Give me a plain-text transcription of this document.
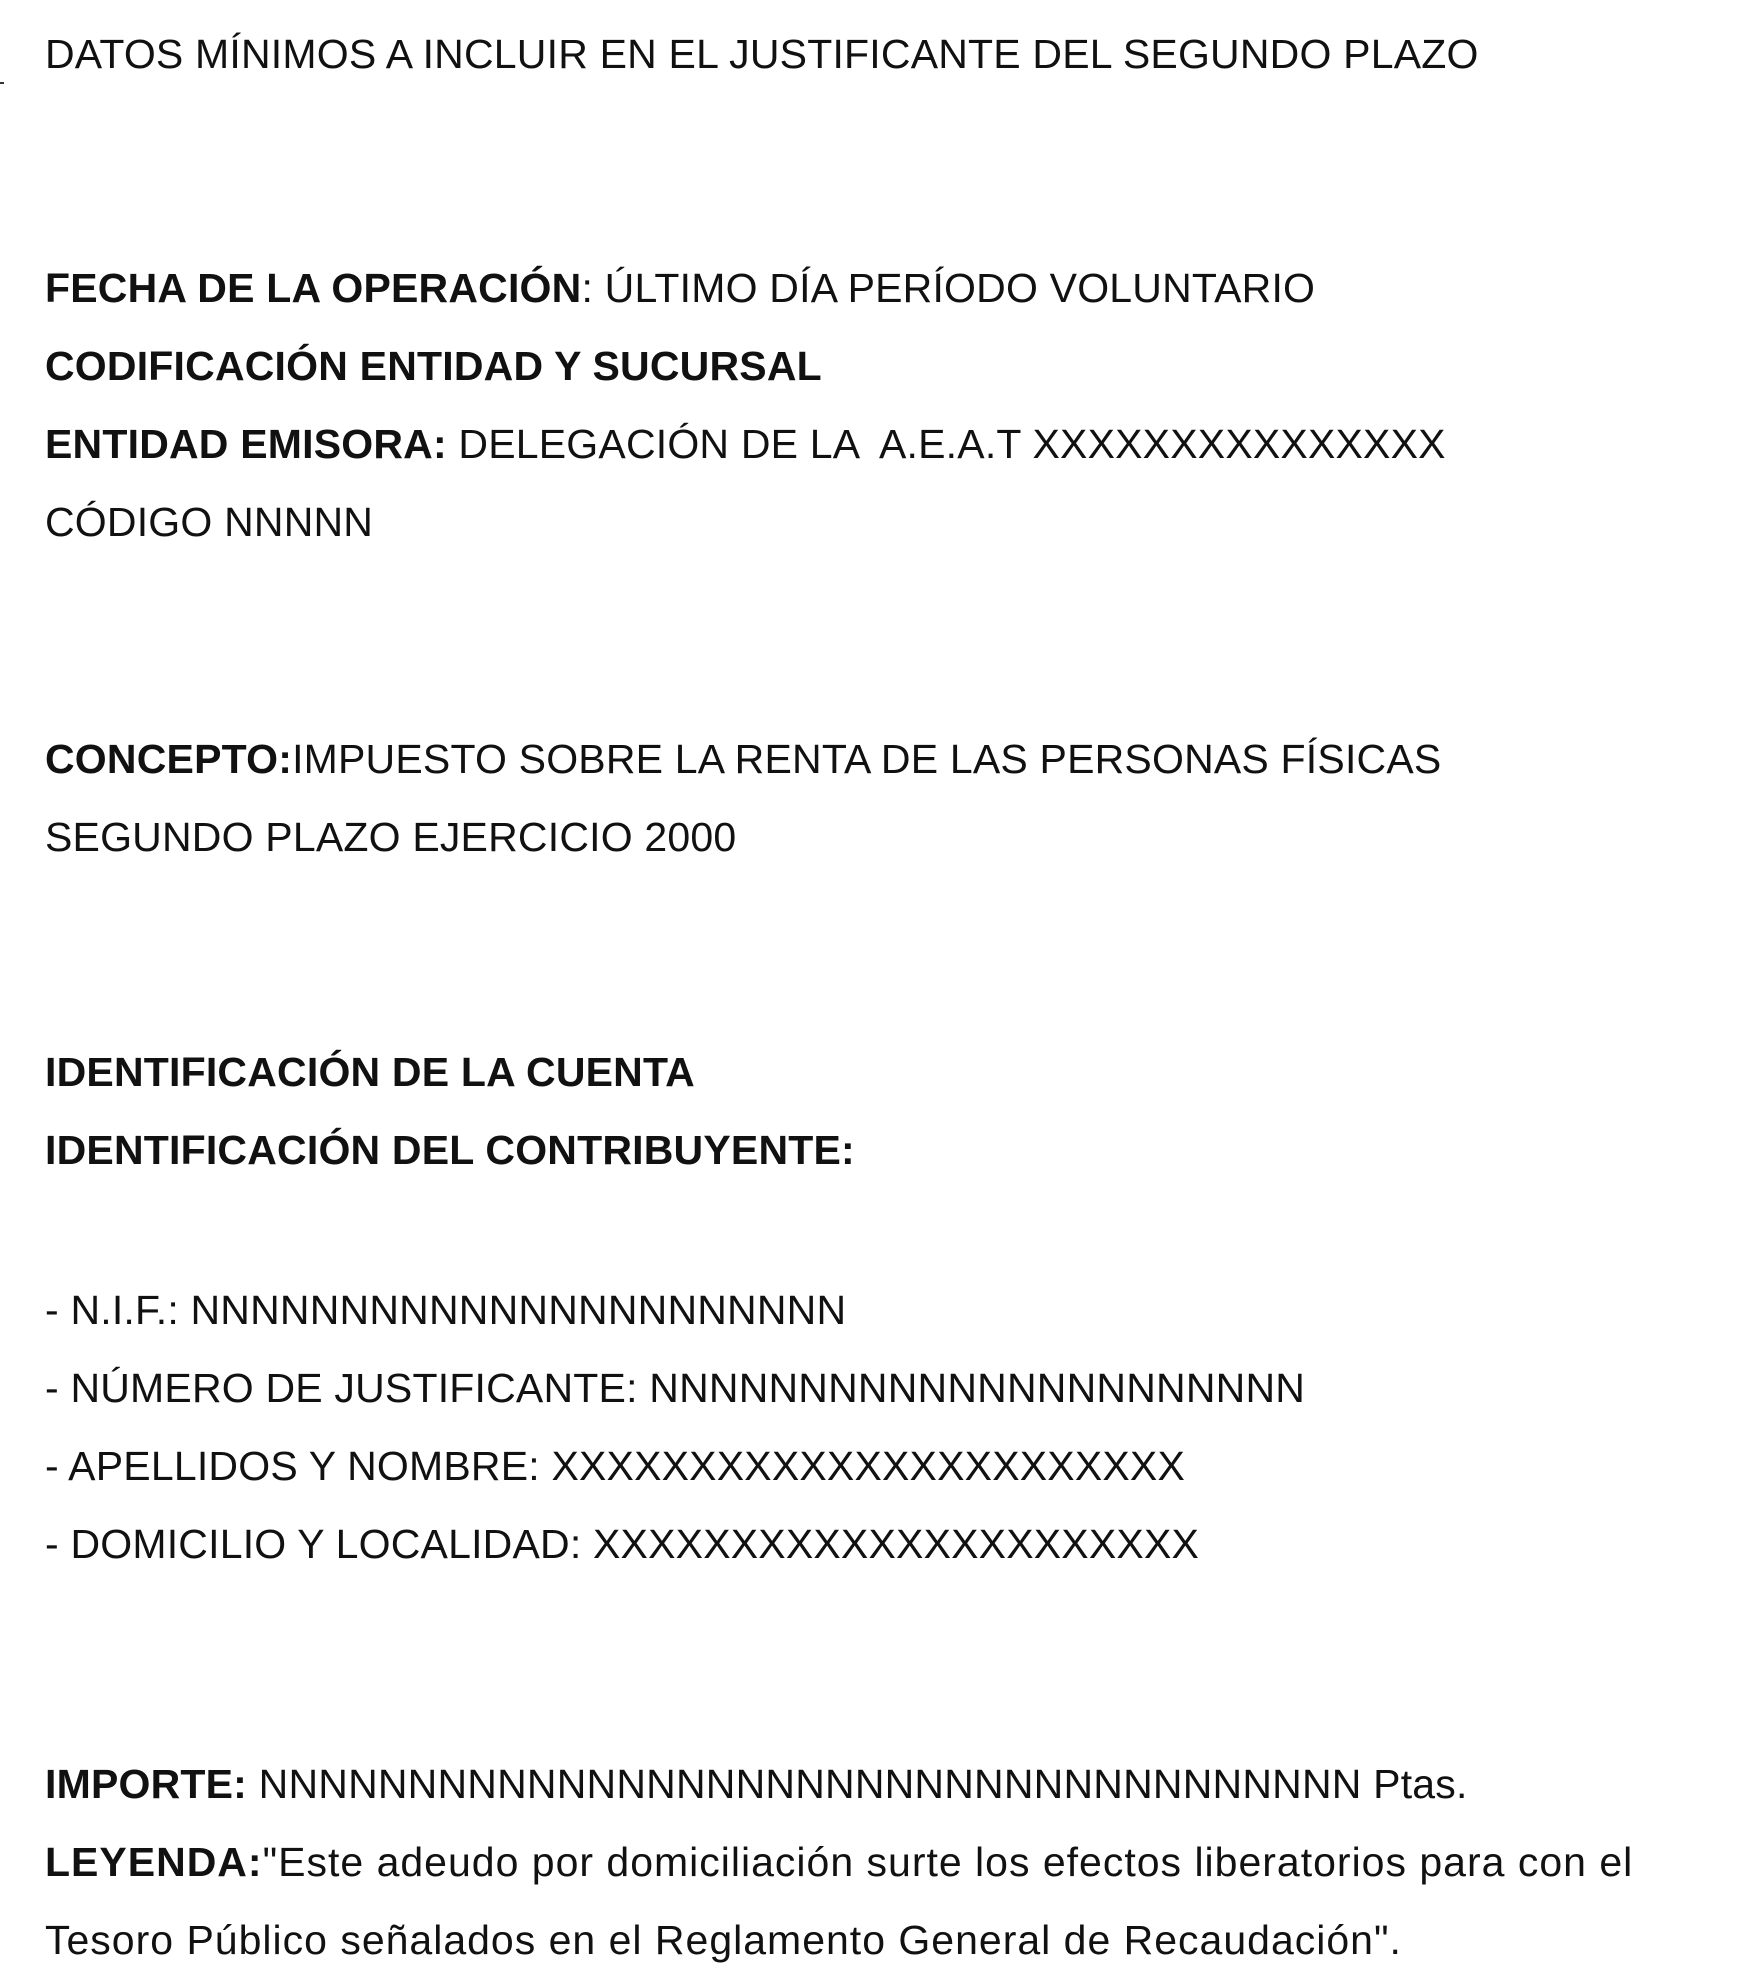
DATOS MÍNIMOS A INCLUIR EN EL JUSTIFICANTE DEL SEGUNDO PLAZO
FECHA DE LA OPERACIÓN: ÚLTIMO DÍA PERÍODO VOLUNTARIO
CODIFICACIÓN ENTIDAD Y SUCURSAL
ENTIDAD EMISORA: DELEGACIÓN DE LA  A.E.A.T XXXXXXXXXXXXXXX
CÓDIGO NNNNN
CONCEPTO:IMPUESTO SOBRE LA RENTA DE LAS PERSONAS FÍSICAS
SEGUNDO PLAZO EJERCICIO 2000
IDENTIFICACIÓN DE LA CUENTA
IDENTIFICACIÓN DEL CONTRIBUYENTE:
- N.I.F.: NNNNNNNNNNNNNNNNNNNNNN
- NÚMERO DE JUSTIFICANTE: NNNNNNNNNNNNNNNNNNNNNN
- APELLIDOS Y NOMBRE: XXXXXXXXXXXXXXXXXXXXXXX
- DOMICILIO Y LOCALIDAD: XXXXXXXXXXXXXXXXXXXXXX
IMPORTE: NNNNNNNNNNNNNNNNNNNNNNNNNNNNNNNNNNNNN Ptas.
LEYENDA:"Este adeudo por domiciliación surte los efectos liberatorios para con el
Tesoro Público señalados en el Reglamento General de Recaudación".
